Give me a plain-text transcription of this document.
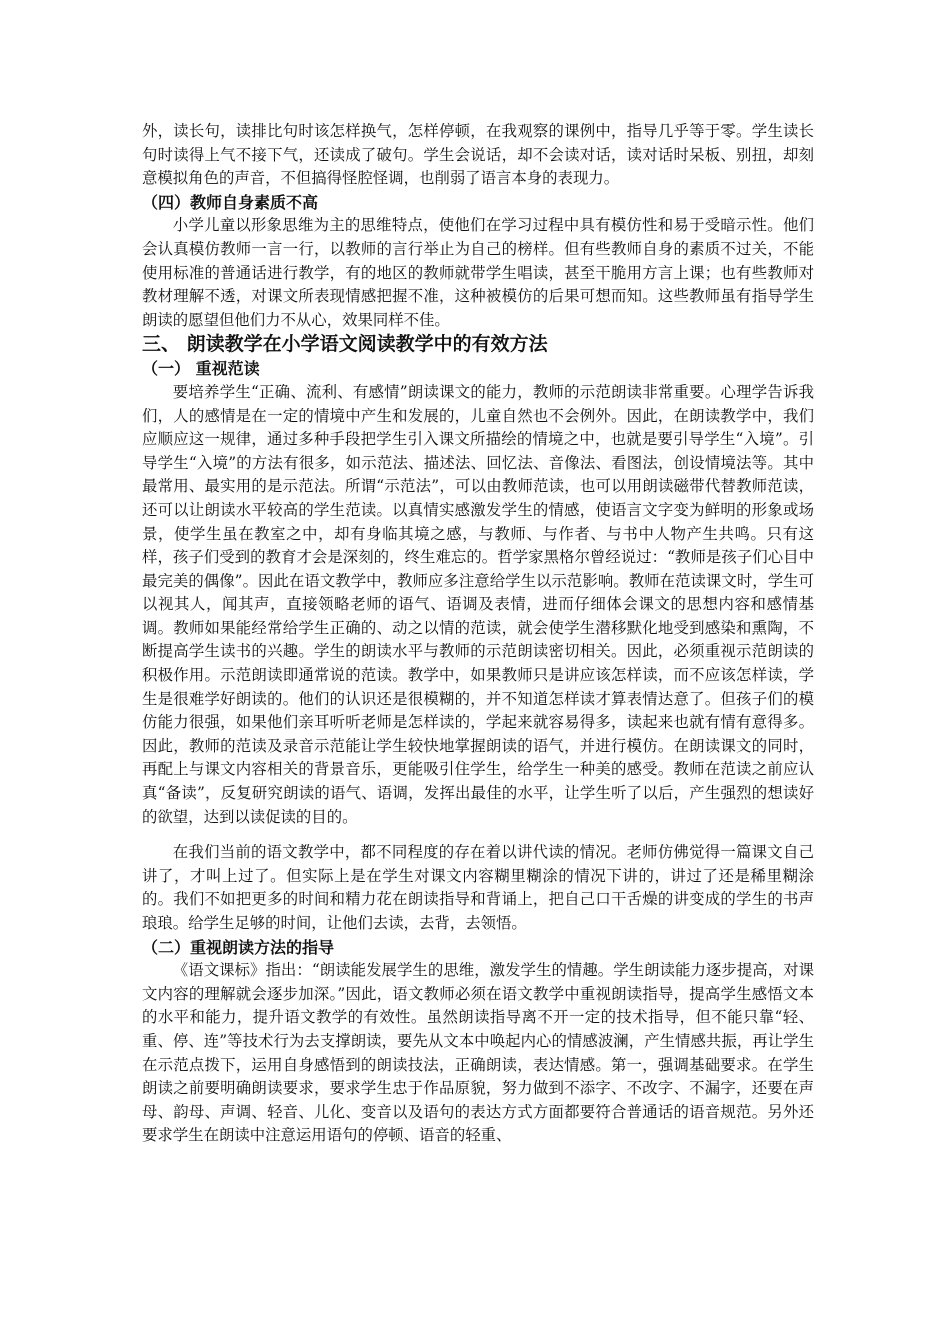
外，读长句，读排比句时该怎样换气，怎样停顿，在我观察的课例中，指导几乎等于零。学生读长句时读得上气不接下气，还读成了破句。学生会说话，却不会读对话，读对话时呆板、别扭，却刻意模拟角色的声音，不但搞得怪腔怪调，也削弱了语言本身的表现力。

（四）教师自身素质不高

小学儿童以形象思维为主的思维特点，使他们在学习过程中具有模仿性和易于受暗示性。他们会认真模仿教师一言一行，以教师的言行举止为自己的榜样。但有些教师自身的素质不过关，不能使用标准的普通话进行教学，有的地区的教师就带学生唱读，甚至干脆用方言上课；也有些教师对教材理解不透，对课文所表现情感把握不准，这种被模仿的后果可想而知。这些教师虽有指导学生朗读的愿望但他们力不从心，效果同样不佳。

三、 朗读教学在小学语文阅读教学中的有效方法

（一） 重视范读

要培养学生“正确、流利、有感情”朗读课文的能力，教师的示范朗读非常重要。心理学告诉我们，人的感情是在一定的情境中产生和发展的，儿童自然也不会例外。因此，在朗读教学中，我们应顺应这一规律，通过多种手段把学生引入课文所描绘的情境之中，也就是要引导学生“入境”。引导学生“入境”的方法有很多，如示范法、描述法、回忆法、音像法、看图法，创设情境法等。其中最常用、最实用的是示范法。所谓“示范法”，可以由教师范读，也可以用朗读磁带代替教师范读，还可以让朗读水平较高的学生范读。以真情实感激发学生的情感，使语言文字变为鲜明的形象或场景，使学生虽在教室之中，却有身临其境之感，与教师、与作者、与书中人物产生共鸣。只有这样，孩子们受到的教育才会是深刻的，终生难忘的。哲学家黑格尔曾经说过：“教师是孩子们心目中最完美的偶像”。因此在语文教学中，教师应多注意给学生以示范影响。教师在范读课文时，学生可以视其人，闻其声，直接领略老师的语气、语调及表情，进而仔细体会课文的思想内容和感情基调。教师如果能经常给学生正确的、动之以情的范读，就会使学生潜移默化地受到感染和熏陶，不断提高学生读书的兴趣。学生的朗读水平与教师的示范朗读密切相关。因此，必须重视示范朗读的积极作用。示范朗读即通常说的范读。教学中，如果教师只是讲应该怎样读，而不应该怎样读，学生是很难学好朗读的。他们的认识还是很模糊的，并不知道怎样读才算表情达意了。但孩子们的模仿能力很强，如果他们亲耳听听老师是怎样读的，学起来就容易得多，读起来也就有情有意得多。因此，教师的范读及录音示范能让学生较快地掌握朗读的语气，并进行模仿。在朗读课文的同时，再配上与课文内容相关的背景音乐，更能吸引住学生，给学生一种美的感受。教师在范读之前应认真“备读”，反复研究朗读的语气、语调，发挥出最佳的水平，让学生听了以后，产生强烈的想读好的欲望，达到以读促读的目的。

在我们当前的语文教学中，都不同程度的存在着以讲代读的情况。老师仿佛觉得一篇课文自己讲了，才叫上过了。但实际上是在学生对课文内容糊里糊涂的情况下讲的，讲过了还是稀里糊涂的。我们不如把更多的时间和精力花在朗读指导和背诵上，把自己口干舌燥的讲变成的学生的书声琅琅。给学生足够的时间，让他们去读，去背，去领悟。

（二）重视朗读方法的指导

《语文课标》指出：“朗读能发展学生的思维，激发学生的情趣。学生朗读能力逐步提高，对课文内容的理解就会逐步加深。”因此，语文教师必须在语文教学中重视朗读指导，提高学生感悟文本的水平和能力，提升语文教学的有效性。虽然朗读指导离不开一定的技术指导，但不能只靠“轻、重、停、连”等技术行为去支撑朗读，要先从文本中唤起内心的情感波澜，产生情感共振，再让学生在示范点拨下，运用自身感悟到的朗读技法，正确朗读，表达情感。第一，强调基础要求。在学生朗读之前要明确朗读要求，要求学生忠于作品原貌，努力做到不添字、不改字、不漏字，还要在声母、韵母、声调、轻音、儿化、变音以及语句的表达方式方面都要符合普通话的语音规范。另外还要求学生在朗读中注意运用语句的停顿、语音的轻重、
